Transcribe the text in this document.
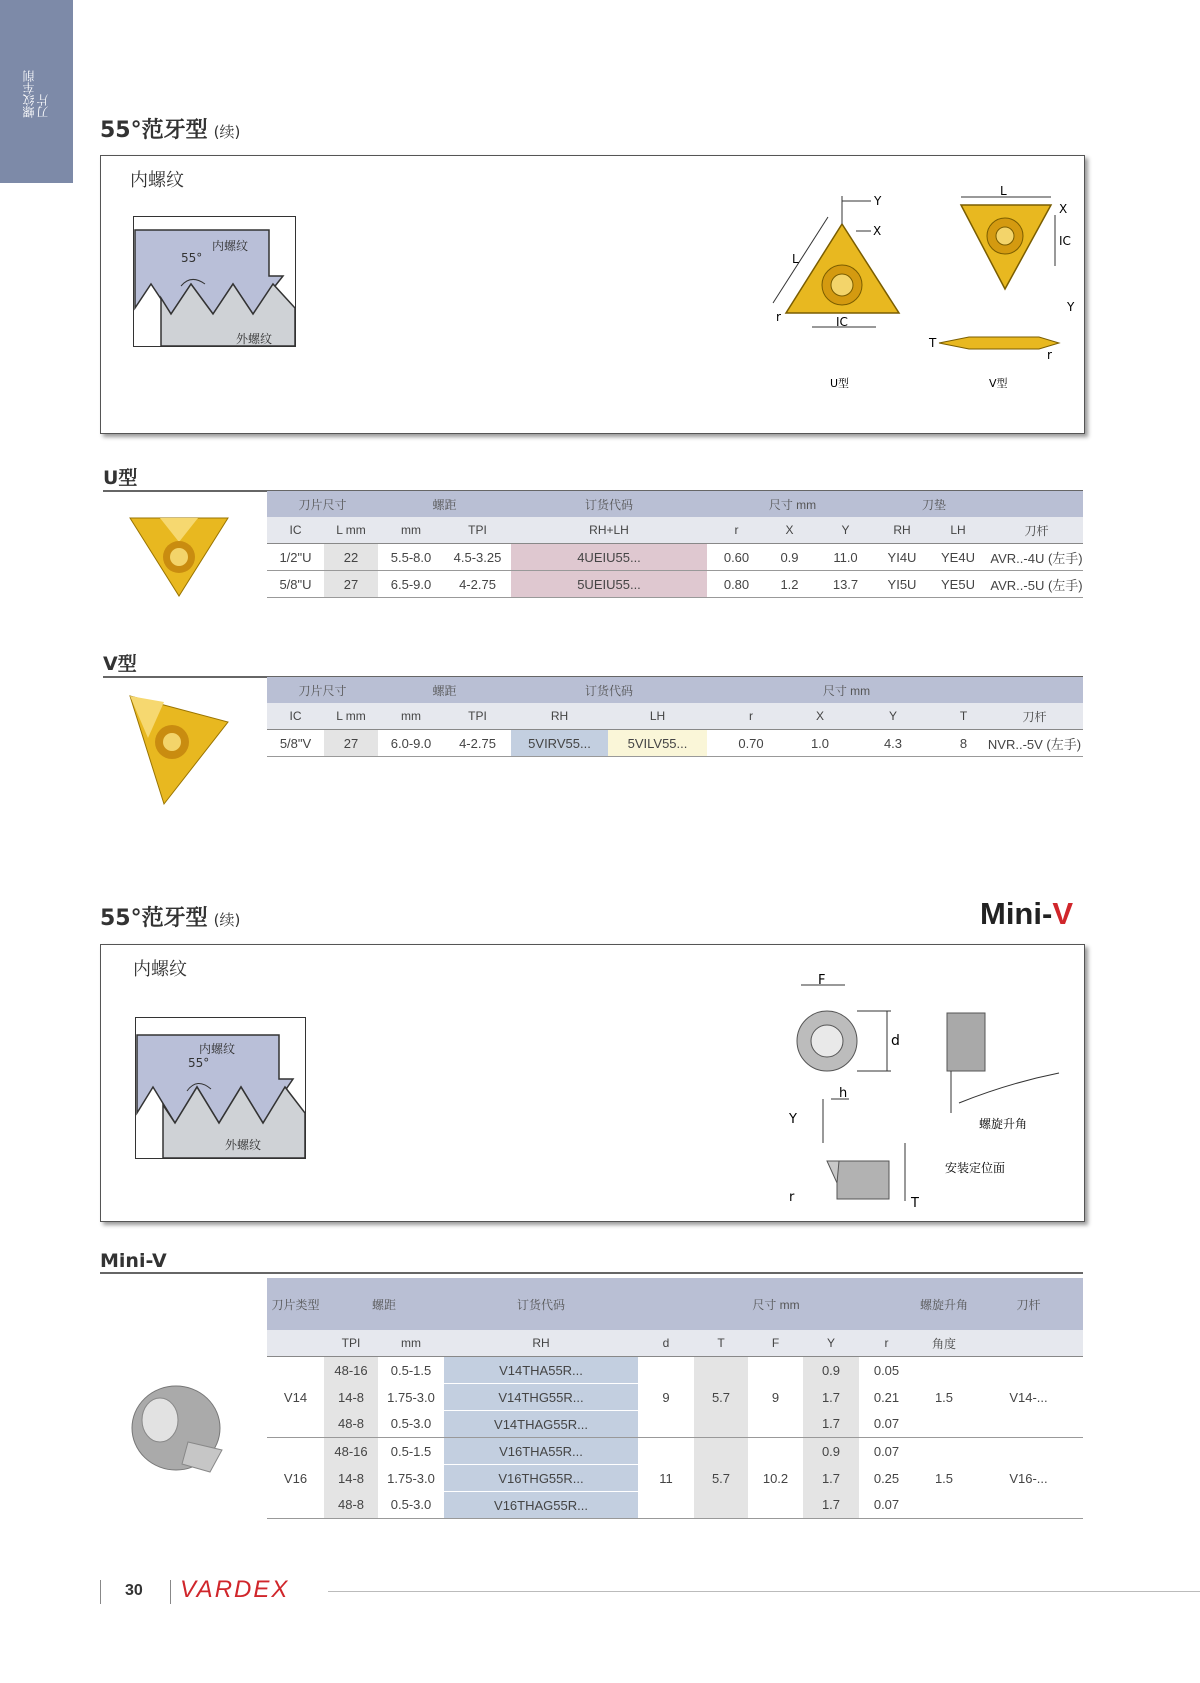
螺纹车削
刀片
55°范牙型 (续)
内螺纹
55°
内螺纹
外螺纹
Y
X
L
IC
r
U型
L
X
IC
Y
T
r
V型
U型
刀片尺寸		螺距		订货代码	尺寸 mm			刀垫		
IC	L mm	mm	TPI	RH+LH	r	X	Y	RH	LH	刀杆
1/2"U	22	5.5-8.0	4.5-3.25	4UEIU55...	0.60	0.9	11.0	YI4U	YE4U	AVR..-4U (左手)
5/8"U	27	6.5-9.0	4-2.75	5UEIU55...	0.80	1.2	13.7	YI5U	YE5U	AVR..-5U (左手)
V型
刀片尺寸		螺距		订货代码		尺寸 mm				
IC	L mm	mm	TPI	RH	LH	r	X	Y	T	刀杆
5/8"V	27	6.0-9.0	4-2.75	5VIRV55...	5VILV55...	0.70	1.0	4.3	8	NVR..-5V (左手)
55°范牙型 (续)	Mini-V
内螺纹
55°
内螺纹
外螺纹
F
d
螺旋升角
安装定位面
h
Y
r	T
Mini-V
刀片类型	螺距		订货代码	尺寸 mm					螺旋升角	刀杆
	TPI	mm	RH	d	T	F	Y	r	角度	
V14	48-16	0.5-1.5	V14THA55R...	9	5.7	9	0.9	0.05	1.5	V14-...
	14-8	1.75-3.0	V14THG55R...				1.7	0.21		
	48-8	0.5-3.0	V14THAG55R...				1.7	0.07		
V16	48-16	0.5-1.5	V16THA55R...	11	5.7	10.2	0.9	0.07	1.5	V16-...
	14-8	1.75-3.0	V16THG55R...				1.7	0.25		
	48-8	0.5-3.0	V16THAG55R...				1.7	0.07		
30 VARDEX
